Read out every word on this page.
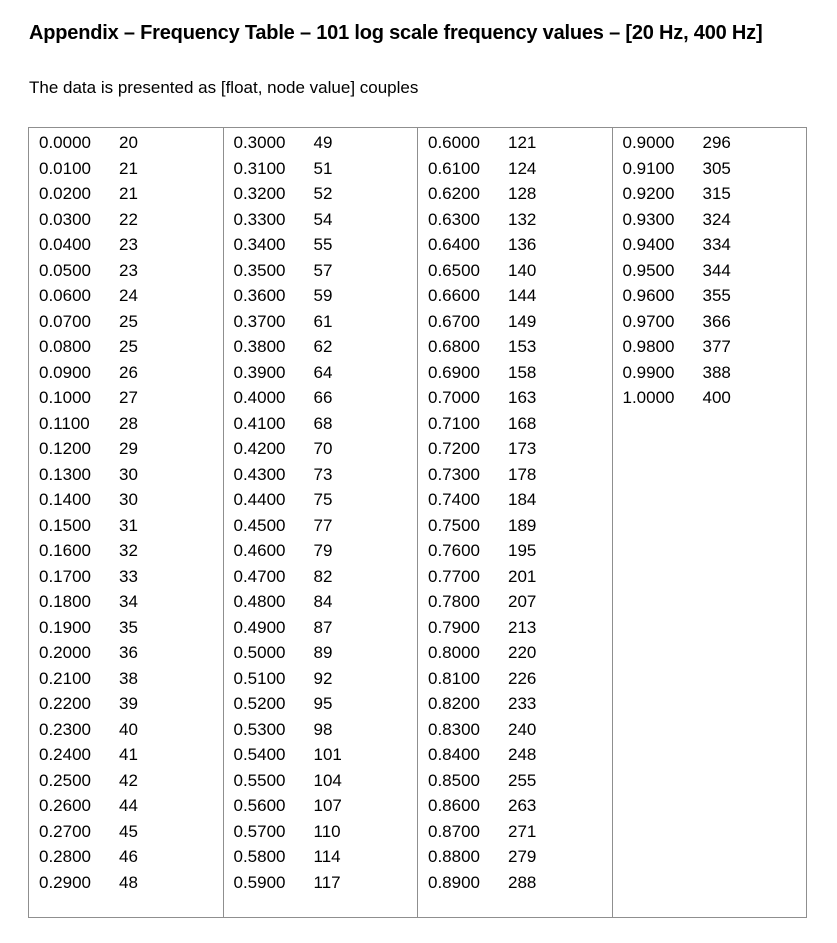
Appendix – Frequency Table – 101 log scale frequency values – [20 Hz, 400 Hz]
The data is presented as [float, node value] couples
0.0000 20
0.0100 21
0.0200 21
0.0300 22
0.0400 23
0.0500 23
0.0600 24
0.0700 25
0.0800 25
0.0900 26
0.1000 27
0.1100 28
0.1200 29
0.1300 30
0.1400 30
0.1500 31
0.1600 32
0.1700 33
0.1800 34
0.1900 35
0.2000 36
0.2100 38
0.2200 39
0.2300 40
0.2400 41
0.2500 42
0.2600 44
0.2700 45
0.2800 46
0.2900 48
0.3000 49
0.3100 51
0.3200 52
0.3300 54
0.3400 55
0.3500 57
0.3600 59
0.3700 61
0.3800 62
0.3900 64
0.4000 66
0.4100 68
0.4200 70
0.4300 73
0.4400 75
0.4500 77
0.4600 79
0.4700 82
0.4800 84
0.4900 87
0.5000 89
0.5100 92
0.5200 95
0.5300 98
0.5400 101
0.5500 104
0.5600 107
0.5700 110
0.5800 114
0.5900 117
0.6000 121
0.6100 124
0.6200 128
0.6300 132
0.6400 136
0.6500 140
0.6600 144
0.6700 149
0.6800 153
0.6900 158
0.7000 163
0.7100 168
0.7200 173
0.7300 178
0.7400 184
0.7500 189
0.7600 195
0.7700 201
0.7800 207
0.7900 213
0.8000 220
0.8100 226
0.8200 233
0.8300 240
0.8400 248
0.8500 255
0.8600 263
0.8700 271
0.8800 279
0.8900 288
0.9000 296
0.9100 305
0.9200 315
0.9300 324
0.9400 334
0.9500 344
0.9600 355
0.9700 366
0.9800 377
0.9900 388
1.0000 400
